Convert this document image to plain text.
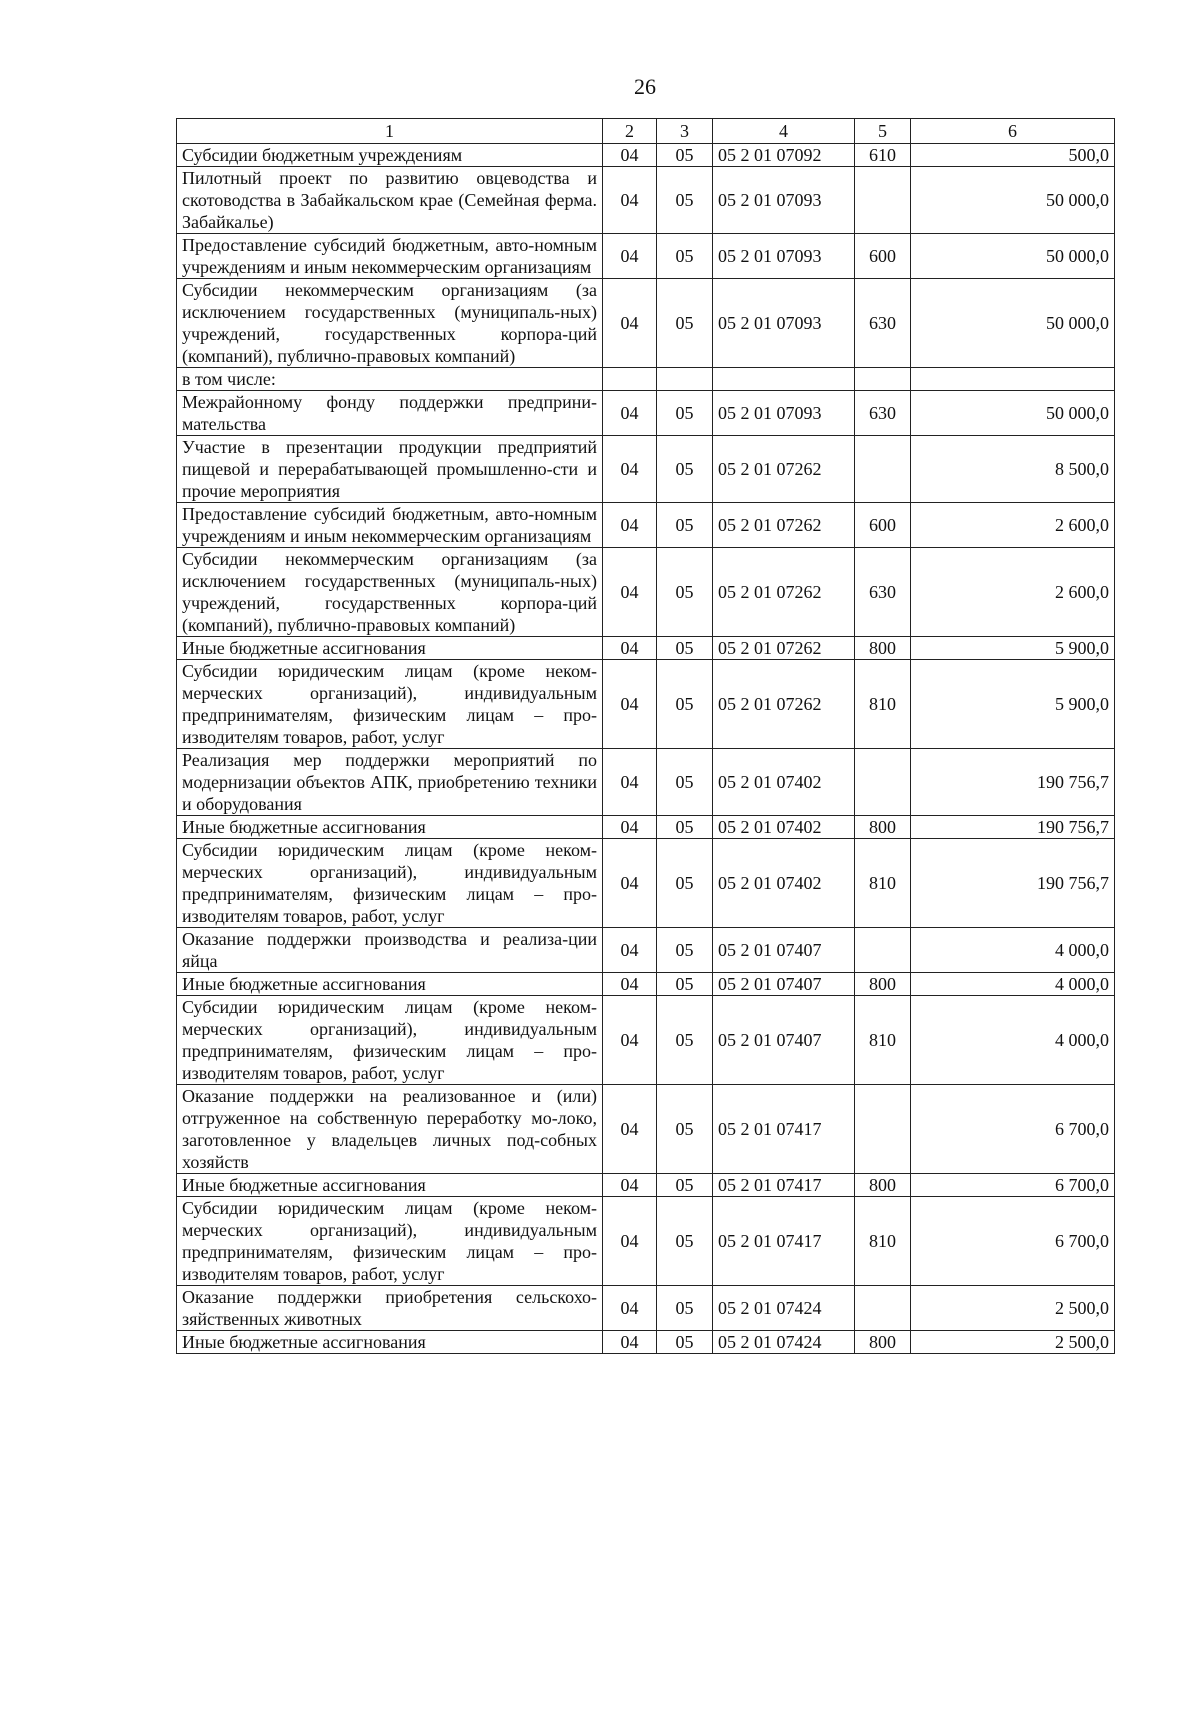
26
1	2	3	4	5	6
Субсидии бюджетным учреждениям	04	05	05 2 01 07092	610	500,0
Пилотный проект по развитию овцеводства и скотоводства в Забайкальском крае (Семейная ферма. Забайкалье)	04	05	05 2 01 07093		50 000,0
Предоставление субсидий бюджетным, авто-номным учреждениям и иным некоммерческим организациям	04	05	05 2 01 07093	600	50 000,0
Субсидии некоммерческим организациям (за исключением государственных (муниципаль-ных) учреждений, государственных корпора-ций (компаний), публично-правовых компаний)	04	05	05 2 01 07093	630	50 000,0
в том числе:					
Межрайонному фонду поддержки предприни-мательства	04	05	05 2 01 07093	630	50 000,0
Участие в презентации продукции предприятий пищевой и перерабатывающей промышленно-сти и прочие мероприятия	04	05	05 2 01 07262		8 500,0
Предоставление субсидий бюджетным, авто-номным учреждениям и иным некоммерческим организациям	04	05	05 2 01 07262	600	2 600,0
Субсидии некоммерческим организациям (за исключением государственных (муниципаль-ных) учреждений, государственных корпора-ций (компаний), публично-правовых компаний)	04	05	05 2 01 07262	630	2 600,0
Иные бюджетные ассигнования	04	05	05 2 01 07262	800	5 900,0
Субсидии юридическим лицам (кроме неком-мерческих организаций), индивидуальным предпринимателям, физическим лицам – про-изводителям товаров, работ, услуг	04	05	05 2 01 07262	810	5 900,0
Реализация мер поддержки мероприятий по модернизации объектов АПК, приобретению техники и оборудования	04	05	05 2 01 07402		190 756,7
Иные бюджетные ассигнования	04	05	05 2 01 07402	800	190 756,7
Субсидии юридическим лицам (кроме неком-мерческих организаций), индивидуальным предпринимателям, физическим лицам – про-изводителям товаров, работ, услуг	04	05	05 2 01 07402	810	190 756,7
Оказание поддержки производства и реализа-ции яйца	04	05	05 2 01 07407		4 000,0
Иные бюджетные ассигнования	04	05	05 2 01 07407	800	4 000,0
Субсидии юридическим лицам (кроме неком-мерческих организаций), индивидуальным предпринимателям, физическим лицам – про-изводителям товаров, работ, услуг	04	05	05 2 01 07407	810	4 000,0
Оказание поддержки на реализованное и (или) отгруженное на собственную переработку мо-локо, заготовленное у владельцев личных под-собных хозяйств	04	05	05 2 01 07417		6 700,0
Иные бюджетные ассигнования	04	05	05 2 01 07417	800	6 700,0
Субсидии юридическим лицам (кроме неком-мерческих организаций), индивидуальным предпринимателям, физическим лицам – про-изводителям товаров, работ, услуг	04	05	05 2 01 07417	810	6 700,0
Оказание поддержки приобретения сельскохо-зяйственных животных	04	05	05 2 01 07424		2 500,0
Иные бюджетные ассигнования	04	05	05 2 01 07424	800	2 500,0
